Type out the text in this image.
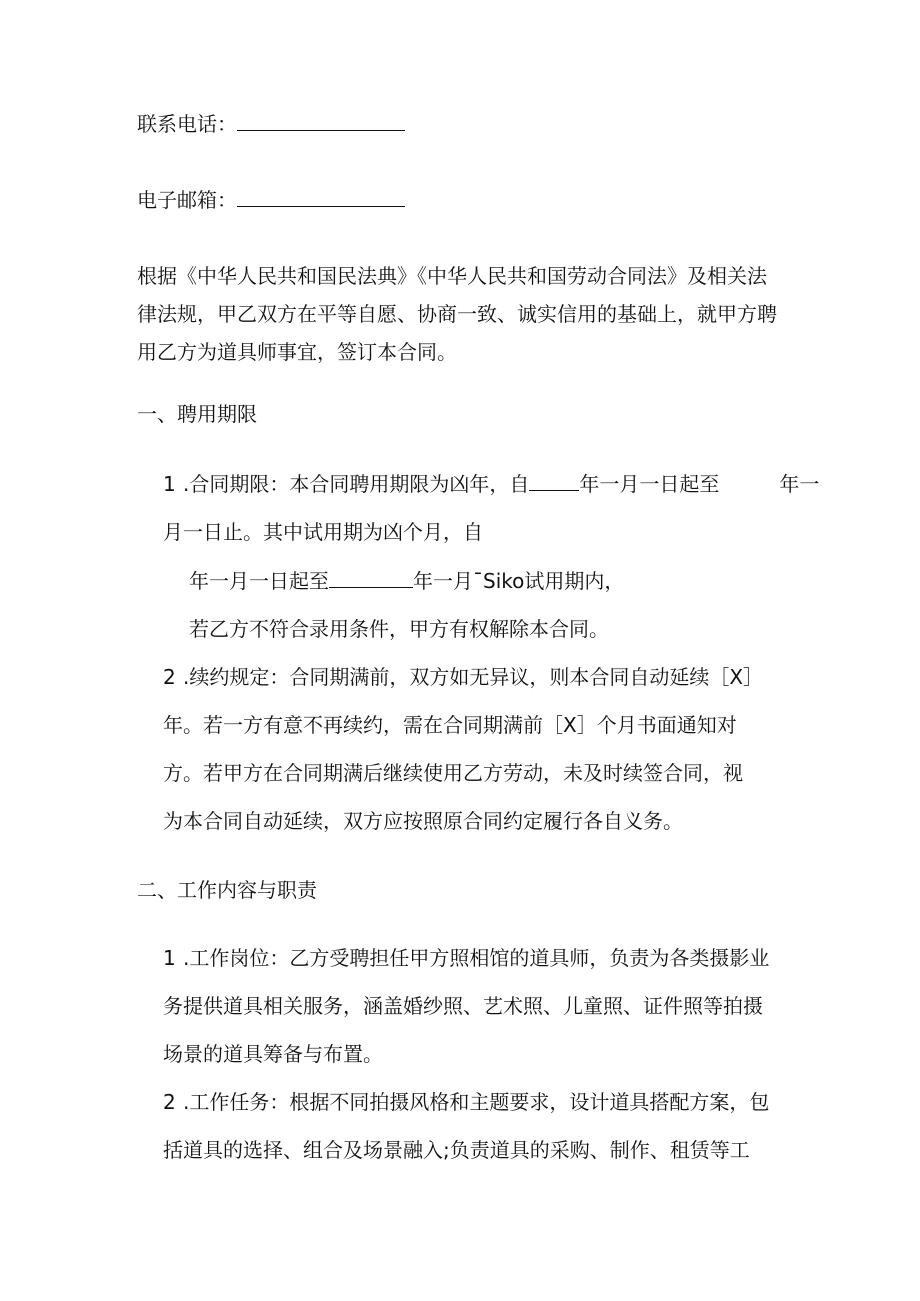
联系电话：
电子邮箱：
根据《中华人民共和国民法典》《中华人民共和国劳动合同法》及相关法
律法规，甲乙双方在平等自愿、协商一致、诚实信用的基础上，就甲方聘
用乙方为道具师事宜，签订本合同。
一、聘用期限
1 .合同期限：本合同聘用期限为凶年，自	年一月一日起至	年一
月一日止。其中试用期为凶个月，自
年一月一日起至	年一月ˉSiko试用期内，
若乙方不符合录用条件，甲方有权解除本合同。
2 .续约规定：合同期满前，双方如无异议，则本合同自动延续［X］
年。若一方有意不再续约，需在合同期满前［X］个月书面通知对
方。若甲方在合同期满后继续使用乙方劳动，未及时续签合同，视
为本合同自动延续，双方应按照原合同约定履行各自义务。
二、工作内容与职责
1 .工作岗位：乙方受聘担任甲方照相馆的道具师，负责为各类摄影业
务提供道具相关服务，涵盖婚纱照、艺术照、儿童照、证件照等拍摄
场景的道具筹备与布置。
2 .工作任务：根据不同拍摄风格和主题要求，设计道具搭配方案，包
括道具的选择、组合及场景融入;负责道具的采购、制作、租赁等工
